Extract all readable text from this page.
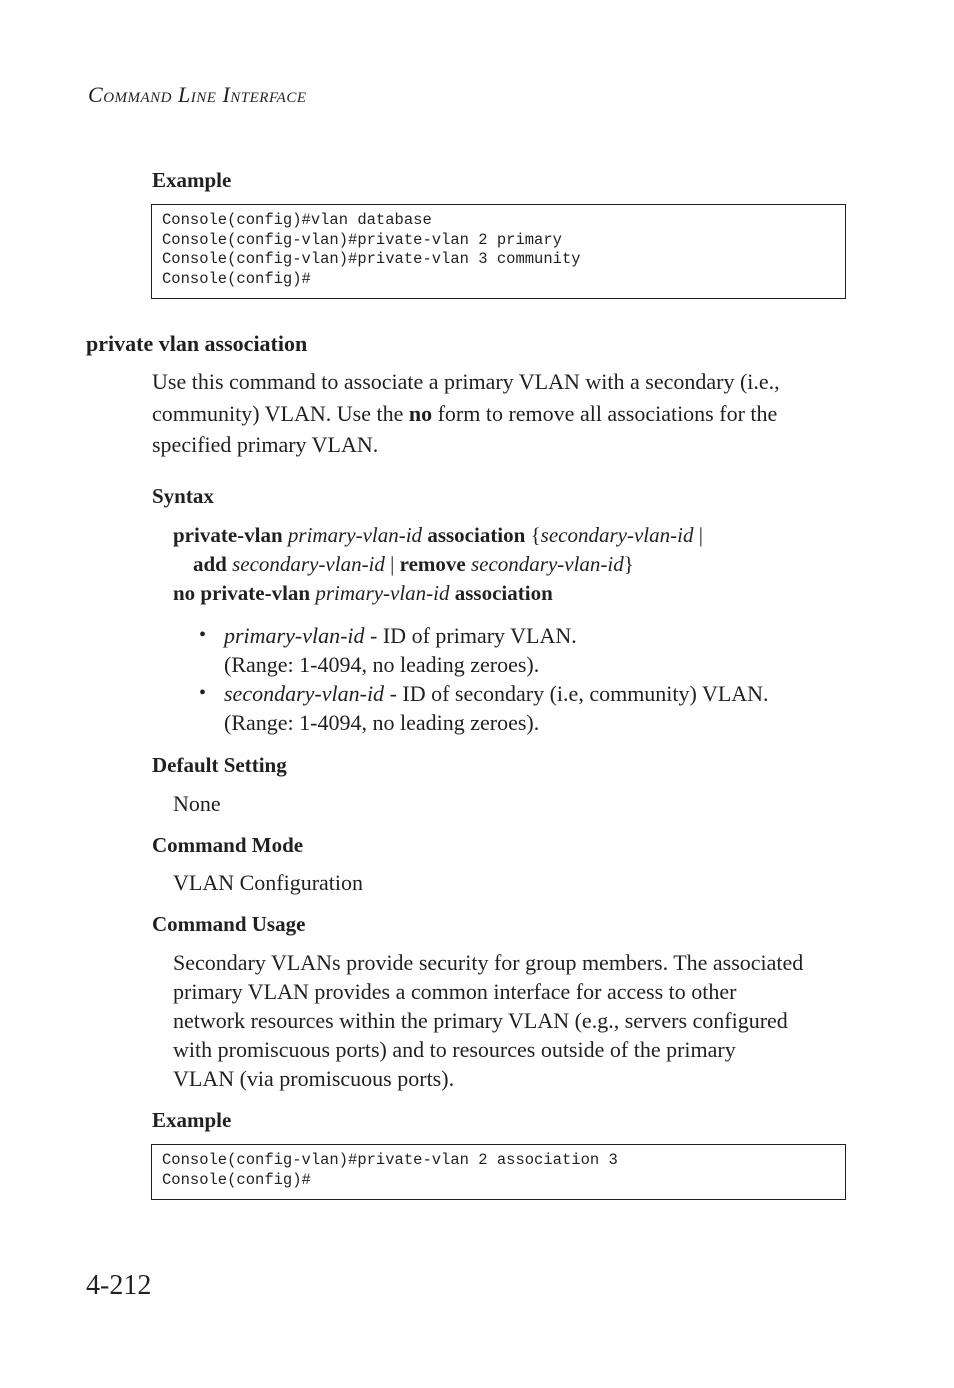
COMMAND LINE INTERFACE
Example
Console(config)#vlan database
Console(config-vlan)#private-vlan 2 primary
Console(config-vlan)#private-vlan 3 community
Console(config)#
private vlan association
Use this command to associate a primary VLAN with a secondary (i.e.,
community) VLAN. Use the no form to remove all associations for the
specified primary VLAN.
Syntax
private-vlan primary-vlan-id association {secondary-vlan-id |
add secondary-vlan-id | remove secondary-vlan-id}
no private-vlan primary-vlan-id association
• primary-vlan-id - ID of primary VLAN.
(Range: 1-4094, no leading zeroes).
• secondary-vlan-id - ID of secondary (i.e, community) VLAN.
(Range: 1-4094, no leading zeroes).
Default Setting
None
Command Mode
VLAN Configuration
Command Usage
Secondary VLANs provide security for group members. The associated
primary VLAN provides a common interface for access to other
network resources within the primary VLAN (e.g., servers configured
with promiscuous ports) and to resources outside of the primary
VLAN (via promiscuous ports).
Example
Console(config-vlan)#private-vlan 2 association 3
Console(config)#
4-212
